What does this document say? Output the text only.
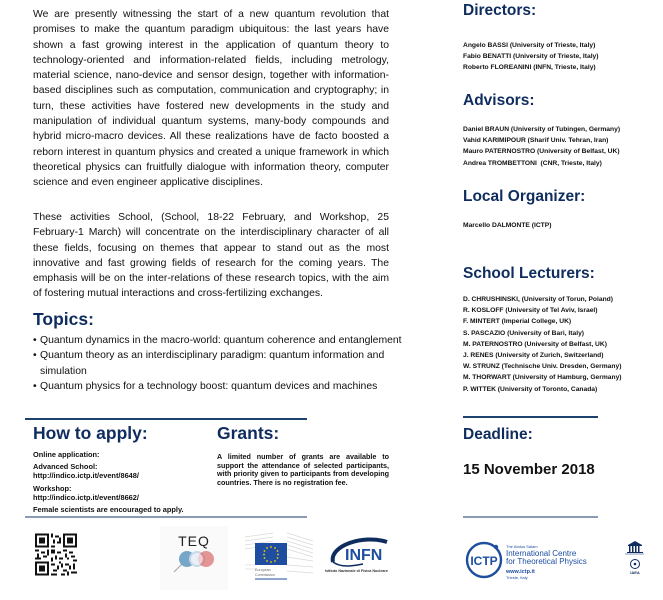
We are presently witnessing the start of a new quantum revolution that promises to make the quantum paradigm ubiquitous: the last years have shown a fast growing interest in the application of quantum theory to technology-oriented and information-related fields, including metrology, material science, nano-device and sensor design, together with information-based disciplines such as computation, communication and cryptography; in turn, these activities have fostered new developments in the study and manipulation of individual quantum systems, many-body compounds and hybrid micro-macro devices. All these realizations have de facto boosted a reborn interest in quantum physics and created a unique framework in which theoretical physics can fruitfully dialogue with information theory, computer science and even engineer applicative disciplines.
These activities School, (School, 18-22 February, and Workshop, 25 February-1 March) will concentrate on the interdisciplinary character of all these fields, focusing on themes that appear to stand out as the most innovative and fast growing fields of research for the coming years. The emphasis will be on the inter-relations of these research topics, with the aim of fostering mutual interactions and cross-fertilizing exchanges.
Topics:
• Quantum dynamics in the macro-world: quantum coherence and entanglement
• Quantum theory as an interdisciplinary paradigm: quantum information and simulation
• Quantum physics for a technology boost: quantum devices and machines
How to apply:
Online application:
Advanced School:
http://indico.ictp.it/event/8648/
Workshop:
http://indico.ictp.it/event/8662/
Female scientists are encouraged to apply.
Grants:
A limited number of grants are available to support the attendance of selected participants, with priority given to participants from developing countries. There is no registration fee.
Deadline:
15 November 2018
Directors:
Angelo BASSI (University of Trieste, Italy)
Fabio BENATTI (University of Trieste, Italy)
Roberto FLOREANINI (INFN, Trieste, Italy)
Advisors:
Daniel BRAUN (University of Tubingen, Germany)
Vahid KARIMIPOUR (Sharif Univ. Tehran, Iran)
Mauro PATERNOSTRO (University of Belfast, UK)
Andrea TROMBETTONI  (CNR, Trieste, Italy)
Local Organizer:
Marcello DALMONTE (ICTP)
School Lecturers:
D. CHRUSHINSKI, (University of Torun, Poland)
R. KOSLOFF (University of Tel Aviv, Israel)
F. MINTERT (Imperial College, UK)
S. PASCAZIO (University of Bari, Italy)
M. PATERNOSTRO (University of Belfast, UK)
J. RENES (University of Zurich, Switzerland)
W. STRUNZ (Technische Univ. Dresden, Germany)
M. THORWART (University of Hamburg, Germany)
P. WITTEK (University of Toronto, Canada)
TEQ
European
Commission
INFN
Istituto Nazionale di Fisica Nucleare
ICTP
The Abdus Salam
International Centre
for Theoretical Physics
www.ictp.it
Trieste, Italy
IAEA
